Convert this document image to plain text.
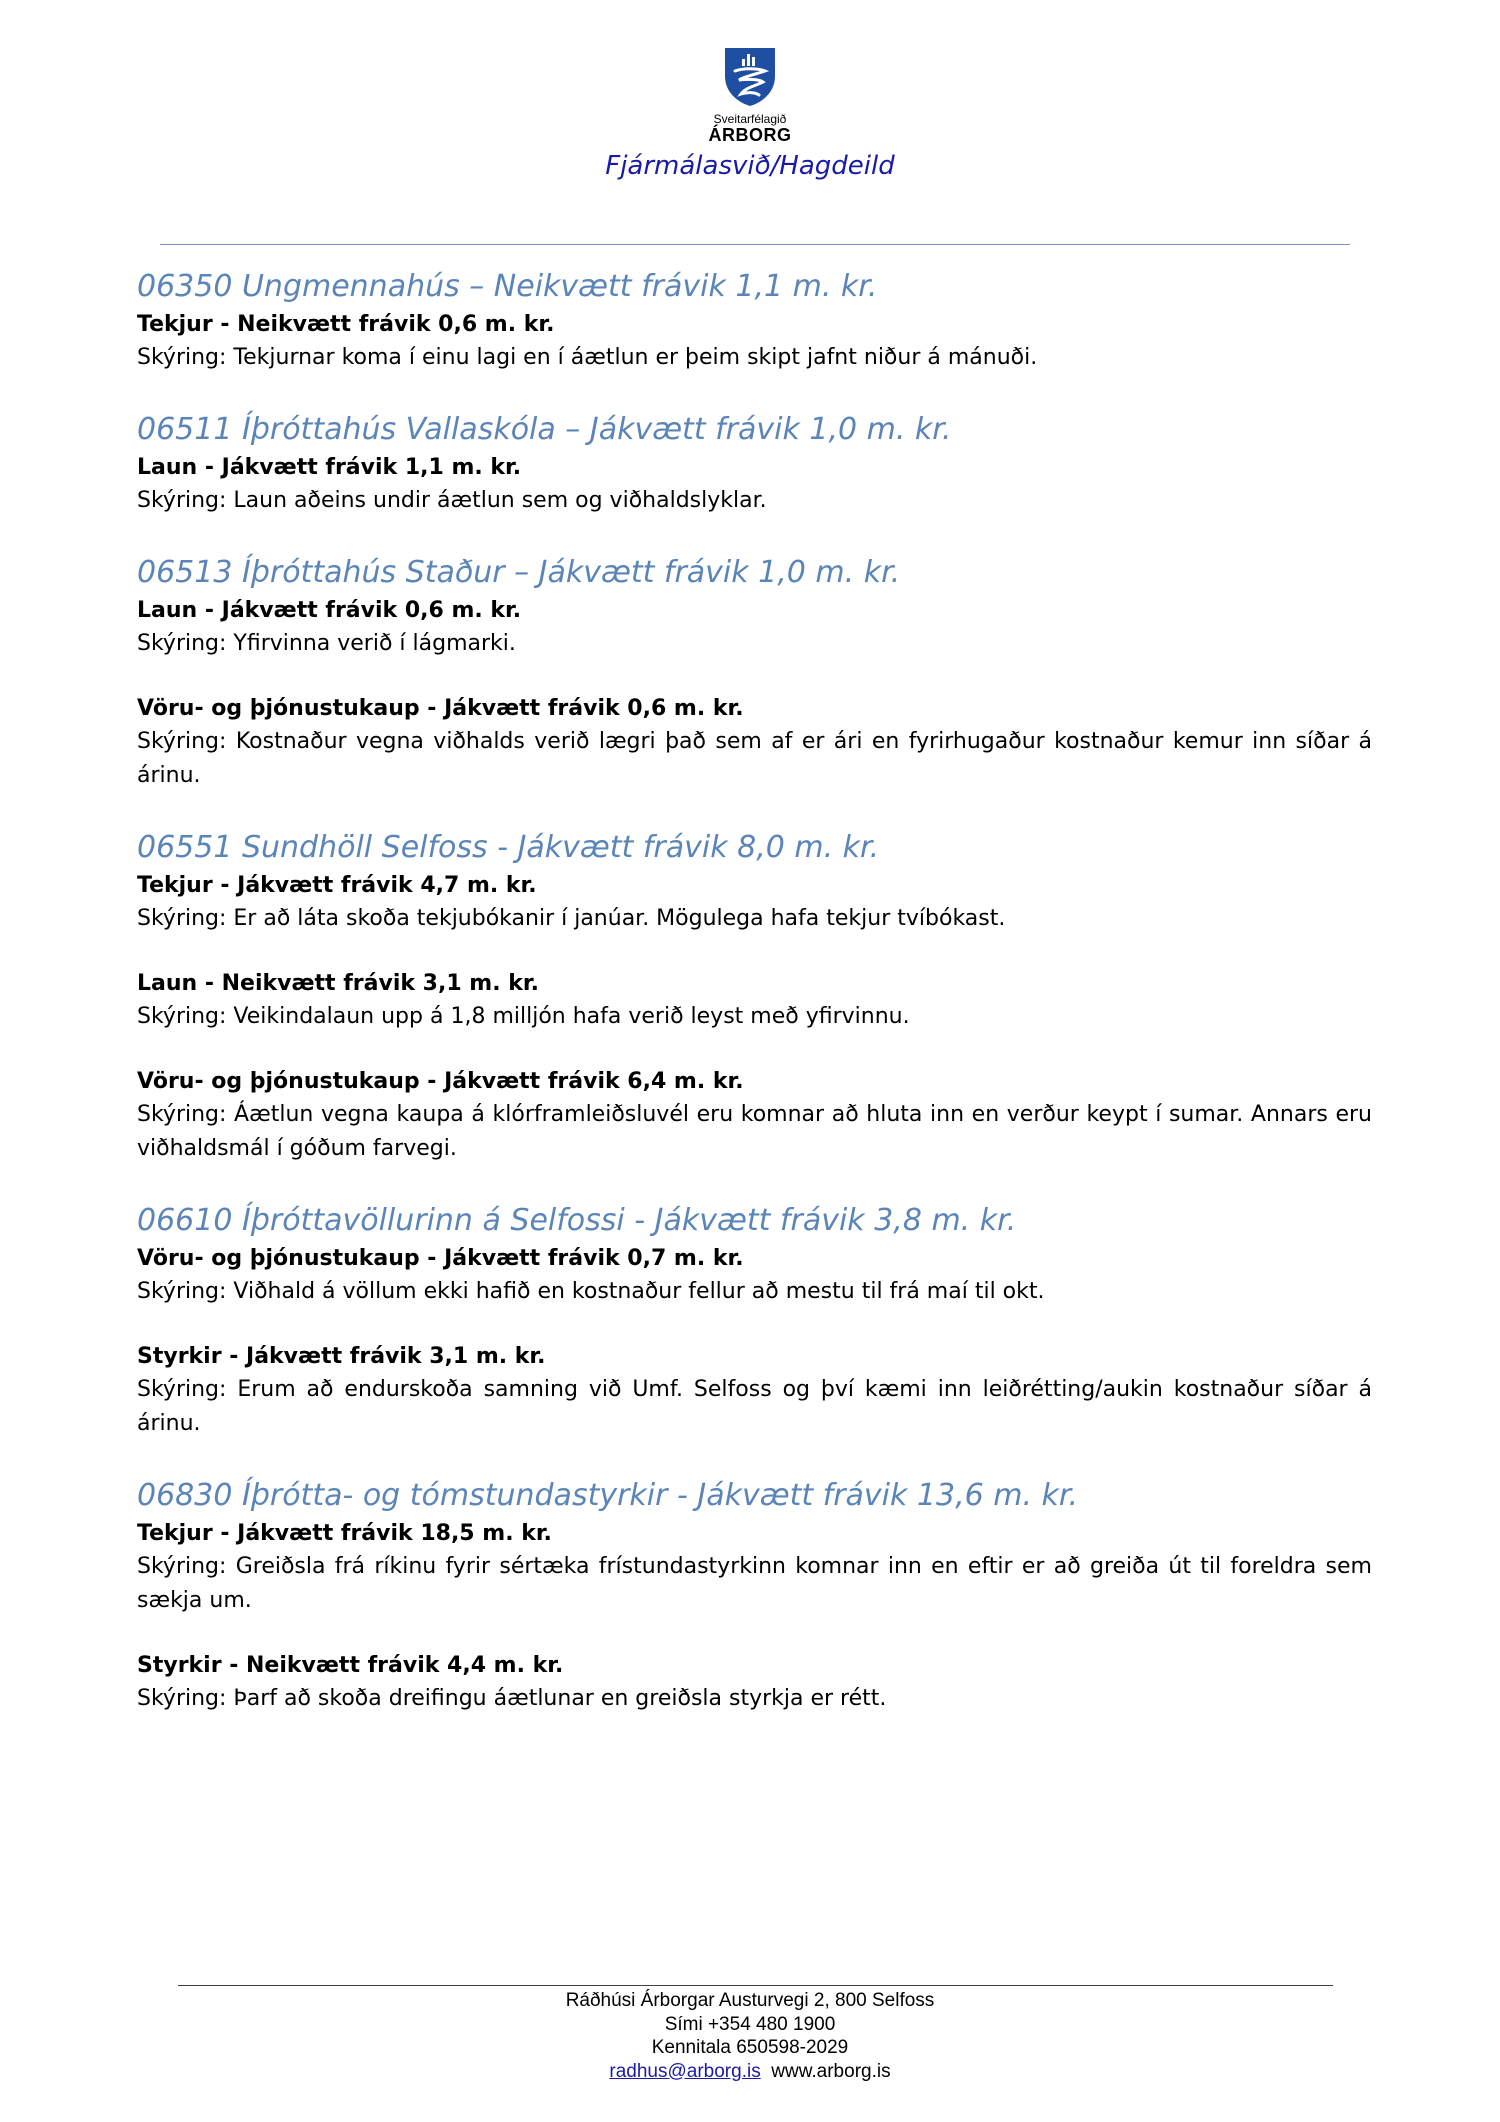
Sveitarfélagið
ÁRBORG
Fjármálasvið/Hagdeild
06350 Ungmennahús – Neikvætt frávik 1,1 m. kr.
Tekjur - Neikvætt frávik 0,6 m. kr.
Skýring: Tekjurnar koma í einu lagi en í áætlun er þeim skipt jafnt niður á mánuði.
06511 Íþróttahús Vallaskóla – Jákvætt frávik 1,0 m. kr.
Laun - Jákvætt frávik 1,1 m. kr.
Skýring: Laun aðeins undir áætlun sem og viðhaldslyklar.
06513 Íþróttahús Staður – Jákvætt frávik 1,0 m. kr.
Laun - Jákvætt frávik 0,6 m. kr.
Skýring: Yfirvinna verið í lágmarki.
Vöru- og þjónustukaup - Jákvætt frávik 0,6 m. kr.
Skýring: Kostnaður vegna viðhalds verið lægri það sem af er ári en fyrirhugaður kostnaður kemur inn síðar á árinu.
06551 Sundhöll Selfoss - Jákvætt frávik 8,0 m. kr.
Tekjur - Jákvætt frávik 4,7 m. kr.
Skýring: Er að láta skoða tekjubókanir í janúar. Mögulega hafa tekjur tvíbókast.
Laun - Neikvætt frávik 3,1 m. kr.
Skýring: Veikindalaun upp á 1,8 milljón hafa verið leyst með yfirvinnu.
Vöru- og þjónustukaup - Jákvætt frávik 6,4 m. kr.
Skýring: Áætlun vegna kaupa á klórframleiðsluvél eru komnar að hluta inn en verður keypt í sumar. Annars eru viðhaldsmál í góðum farvegi.
06610 Íþróttavöllurinn á Selfossi - Jákvætt frávik 3,8 m. kr.
Vöru- og þjónustukaup - Jákvætt frávik 0,7 m. kr.
Skýring: Viðhald á völlum ekki hafið en kostnaður fellur að mestu til frá maí til okt.
Styrkir - Jákvætt frávik 3,1 m. kr.
Skýring: Erum að endurskoða samning við Umf. Selfoss og því kæmi inn leiðrétting/aukin kostnaður síðar á árinu.
06830 Íþrótta- og tómstundastyrkir - Jákvætt frávik 13,6 m. kr.
Tekjur - Jákvætt frávik 18,5 m. kr.
Skýring: Greiðsla frá ríkinu fyrir sértæka frístundastyrkinn komnar inn en eftir er að greiða út til foreldra sem sækja um.
Styrkir - Neikvætt frávik 4,4 m. kr.
Skýring: Þarf að skoða dreifingu áætlunar en greiðsla styrkja er rétt.
Ráðhúsi Árborgar Austurvegi 2, 800 Selfoss
Sími +354 480 1900
Kennitala 650598-2029
radhus@arborg.is www.arborg.is
